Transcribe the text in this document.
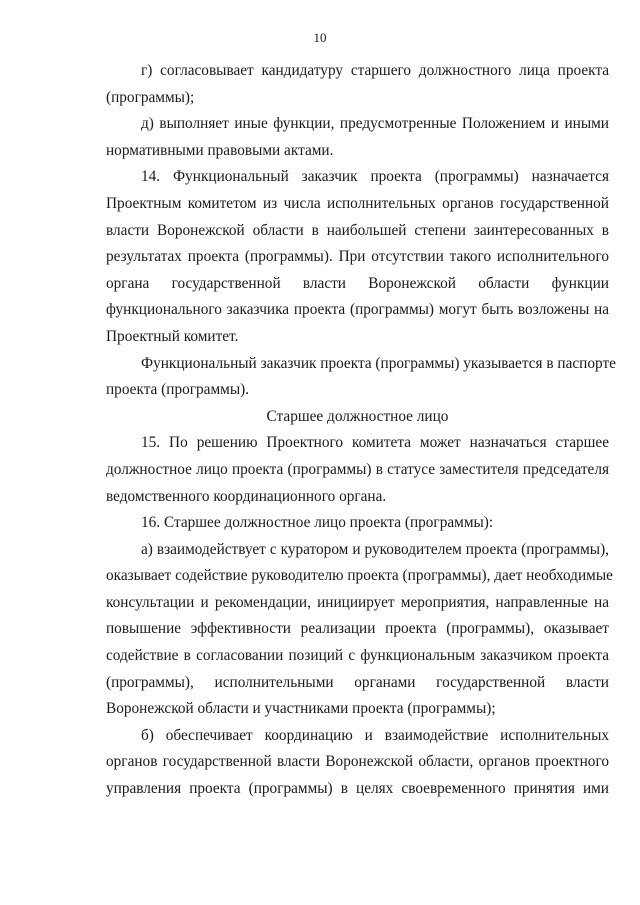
10
г) согласовывает кандидатуру старшего должностного лица проекта
(программы);
д) выполняет иные функции, предусмотренные Положением и иными
нормативными правовыми актами.
14. Функциональный заказчик проекта (программы) назначается
Проектным комитетом из числа исполнительных органов государственной
власти Воронежской области в наибольшей степени заинтересованных в
результатах проекта (программы). При отсутствии такого исполнительного
органа государственной власти Воронежской области функции
функционального заказчика проекта (программы) могут быть возложены на
Проектный комитет.
Функциональный заказчик проекта (программы) указывается в паспорте
проекта (программы).

Старшее должностное лицо

15. По решению Проектного комитета может назначаться старшее
должностное лицо проекта (программы) в статусе заместителя председателя
ведомственного координационного органа.
16. Старшее должностное лицо проекта (программы):
а) взаимодействует с куратором и руководителем проекта (программы),
оказывает содействие руководителю проекта (программы), дает необходимые
консультации и рекомендации, инициирует мероприятия, направленные на
повышение эффективности реализации проекта (программы), оказывает
содействие в согласовании позиций с функциональным заказчиком проекта
(программы), исполнительными органами государственной власти
Воронежской области и участниками проекта (программы);
б) обеспечивает координацию и взаимодействие исполнительных
органов государственной власти Воронежской области, органов проектного
управления проекта (программы) в целях своевременного принятия ими
